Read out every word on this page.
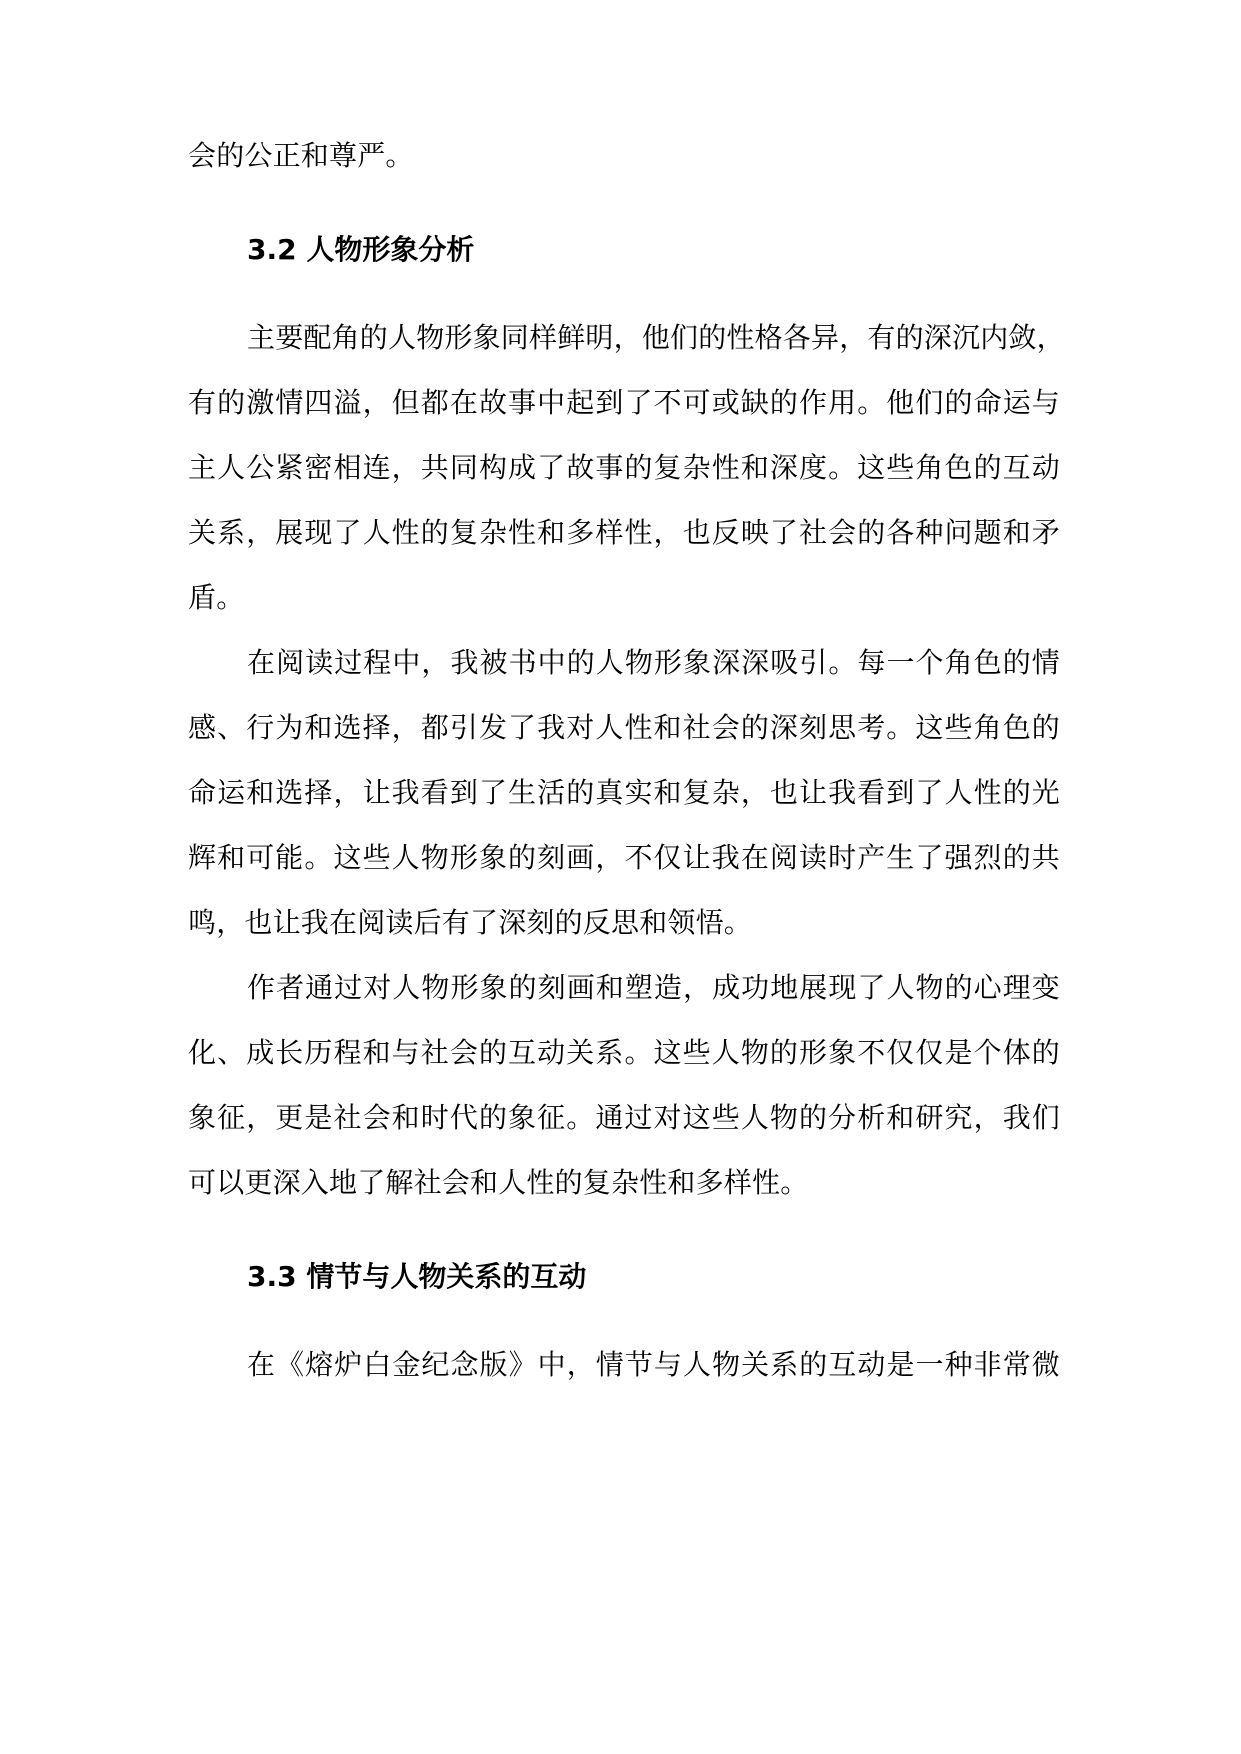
会的公正和尊严。
3.2 人物形象分析
主要配角的人物形象同样鲜明，他们的性格各异，有的深沉内敛，
有的激情四溢，但都在故事中起到了不可或缺的作用。他们的命运与
主人公紧密相连，共同构成了故事的复杂性和深度。这些角色的互动
关系，展现了人性的复杂性和多样性，也反映了社会的各种问题和矛
盾。
在阅读过程中，我被书中的人物形象深深吸引。每一个角色的情
感、行为和选择，都引发了我对人性和社会的深刻思考。这些角色的
命运和选择，让我看到了生活的真实和复杂，也让我看到了人性的光
辉和可能。这些人物形象的刻画，不仅让我在阅读时产生了强烈的共
鸣，也让我在阅读后有了深刻的反思和领悟。
作者通过对人物形象的刻画和塑造，成功地展现了人物的心理变
化、成长历程和与社会的互动关系。这些人物的形象不仅仅是个体的
象征，更是社会和时代的象征。通过对这些人物的分析和研究，我们
可以更深入地了解社会和人性的复杂性和多样性。
3.3 情节与人物关系的互动
在《熔炉白金纪念版》中，情节与人物关系的互动是一种非常微
